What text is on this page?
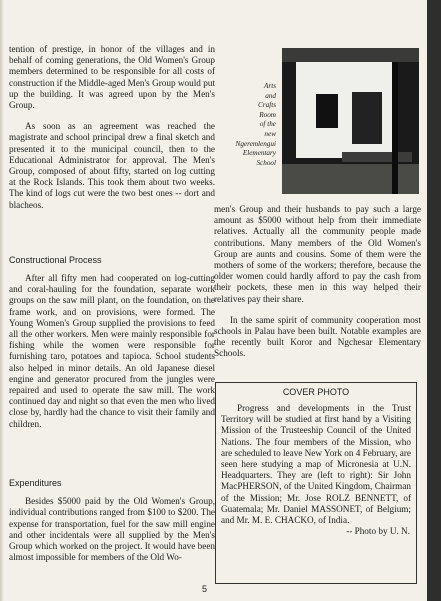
tention of prestige, in honor of the villages and in behalf of coming generations, the Old Women's Group members determined to be responsible for all costs of construction if the Middle-aged Men's Group would put up the building. It was agreed upon by the Men's Group.

As soon as an agreement was reached the magistrate and school principal drew a final sketch and presented it to the municipal council, then to the Educational Administrator for approval. The Men's Group, composed of about fifty, started on log cutting at the Rock Islands. This took them about two weeks. The kind of logs cut were the two best ones -- dort and blacheos.

Constructional Process

After all fifty men had cooperated on log-cutting and coral-hauling for the foundation, separate work groups on the saw mill plant, on the foundation, on the frame work, and on provisions, were formed. The Young Women's Group supplied the provisions to feed all the other workers. Men were mainly responsible for fishing while the women were responsible for furnishing taro, potatoes and tapioca. School students also helped in minor details. An old Japanese diesel engine and generator procured from the jungles were repaired and used to operate the saw mill. The work continued day and night so that even the men who lived close by, hardly had the chance to visit their family and children.

Expenditures

Besides $5000 paid by the Old Women's Group, individual contributions ranged from $100 to $200. The expense for transportation, fuel for the saw mill engine and other incidentals were all supplied by the Men's Group which worked on the project. It would have been almost impossible for members of the Old Wo-

Arts
and
Crafts
Room
of the
new
Ngeremlengui
Elementary
School

men's Group and their husbands to pay such a large amount as $5000 without help from their immediate relatives. Actually all the community people made contributions. Many members of the Old Women's Group are aunts and cousins. Some of them were the mothers of some of the workers; therefore, because the older women could hardly afford to pay the cash from their pockets, these men in this way helped their relatives pay their share.

In the same spirit of community cooperation most schools in Palau have been built. Notable examples are the recently built Koror and Ngchesar Elementary Schools.

COVER PHOTO

Progress and developments in the Trust Territory will be studied at first hand by a Visiting Mission of the Trusteeship Council of the United Nations. The four members of the Mission, who are scheduled to leave New York on 4 February, are seen here studying a map of Micronesia at U.N. Headquarters. They are (left to right): Sir John MacPHERSON, of the United Kingdom, Chairman of the Mission; Mr. Jose ROLZ BENNETT, of Guatemala; Mr. Daniel MASSONET, of Belgium; and Mr. M. E. CHACKO, of India.

-- Photo by U. N.
5
